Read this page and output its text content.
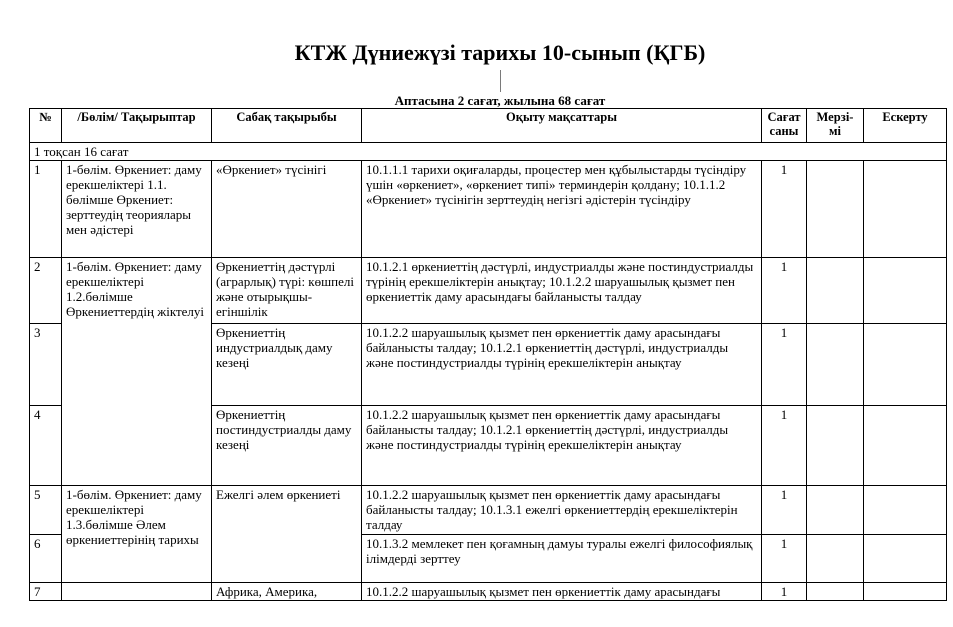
КТЖ Дүниежүзі тарихы 10-сынып (ҚГБ)
Аптасына 2 сағат, жылына 68 сағат
№	/Бөлім/ Тақырыптар	Сабақ тақырыбы	Оқыту мақсаттары	Сағат саны	Мерзі-мі	Ескерту
1 тоқсан 16 сағат						
1	1-бөлім. Өркениет: даму ерекшеліктері 1.1. бөлімше Өркениет: зерттеудің теориялары мен әдістері	«Өркениет» түсінігі	10.1.1.1 тарихи оқиғаларды, процестер мен құбылыстарды түсіндіру үшін «өркениет», «өркениет типі» терминдерін қолдану; 10.1.1.2 «Өркениет» түсінігін зерттеудің негізгі әдістерін түсіндіру	1		
2	1-бөлім. Өркениет: даму ерекшеліктері 1.2.бөлімше Өркениеттердің жіктелуі	Өркениеттің дәстүрлі (аграрлық) түрі: көшпелі және отырықшы-егіншілік	10.1.2.1 өркениеттің дәстүрлі, индустриалды және постиндустриалды түрінің ерекшеліктерін анықтау; 10.1.2.2 шаруашылық қызмет пен өркениеттік даму арасындағы байланысты талдау	1		
3		Өркениеттің индустриалдық даму кезеңі	10.1.2.2 шаруашылық қызмет пен өркениеттік даму арасындағы байланысты талдау; 10.1.2.1 өркениеттің дәстүрлі, индустриалды және постиндустриалды түрінің ерекшеліктерін анықтау	1		
4		Өркениеттің постиндустриалды даму кезеңі	10.1.2.2 шаруашылық қызмет пен өркениеттік даму арасындағы байланысты талдау; 10.1.2.1 өркениеттің дәстүрлі, индустриалды және постиндустриалды түрінің ерекшеліктерін анықтау	1		
5	1-бөлім. Өркениет: даму ерекшеліктері 1.3.бөлімше Әлем өркениеттерінің тарихы	Ежелгі әлем өркениеті	10.1.2.2 шаруашылық қызмет пен өркениеттік даму арасындағы байланысты талдау; 10.1.3.1 ежелгі өркениеттердің ерекшеліктерін талдау	1		
6			10.1.3.2 мемлекет пен қоғамның дамуы туралы ежелгі философиялық ілімдерді зерттеу	1		
7		Африка, Америка,	10.1.2.2 шаруашылық қызмет пен өркениеттік даму арасындағы	1		
